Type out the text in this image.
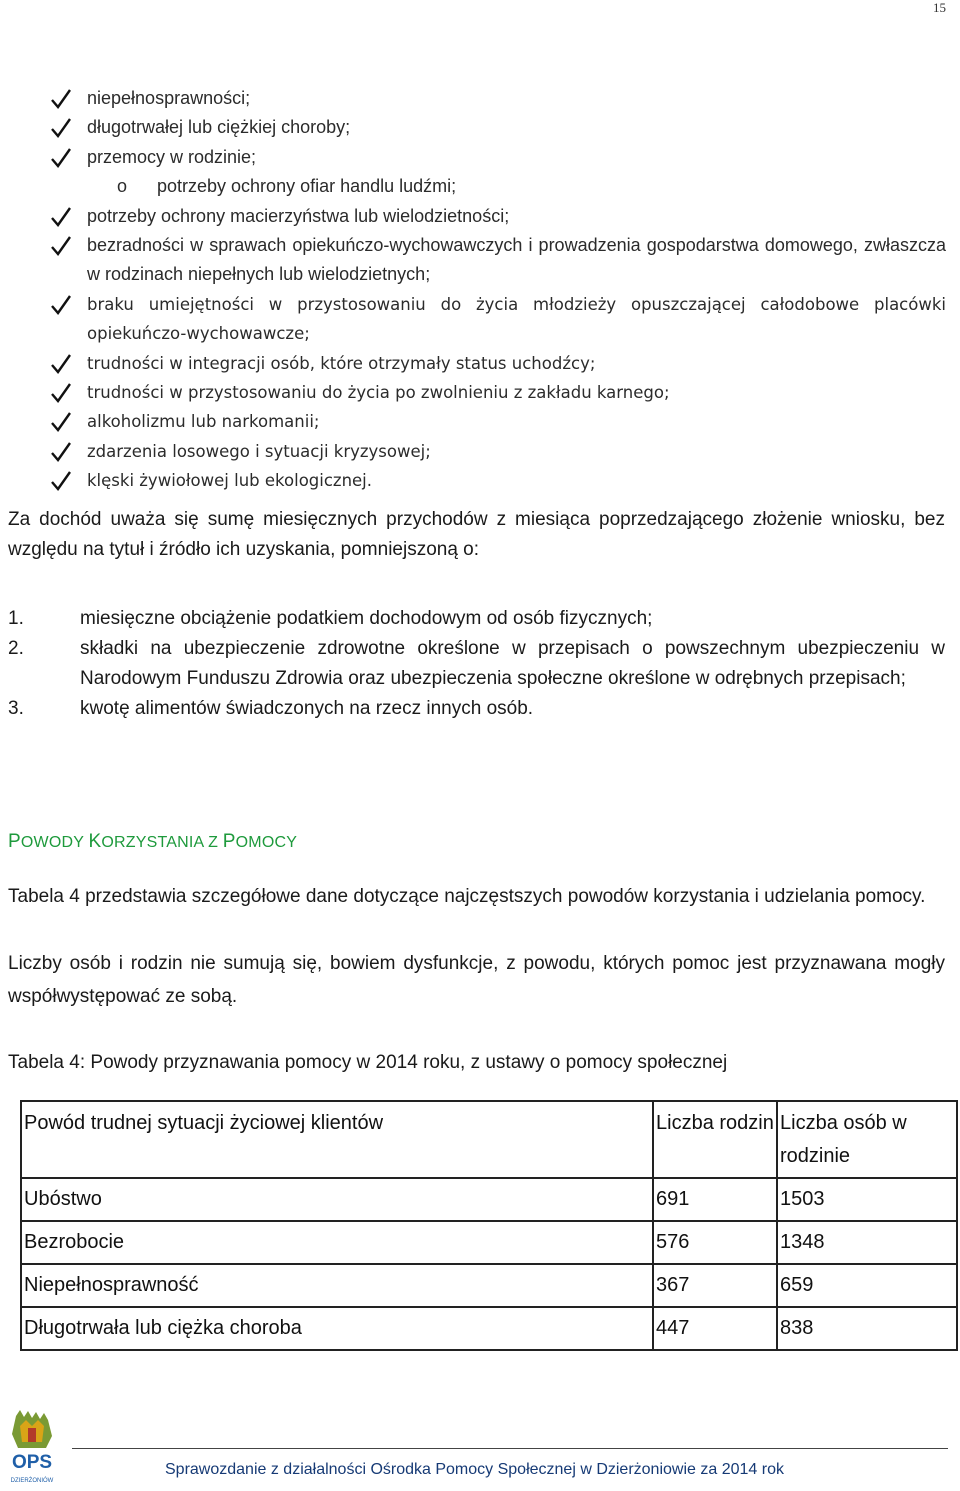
15
niepełnosprawności;
długotrwałej lub ciężkiej choroby;
przemocy w rodzinie;
o potrzeby ochrony ofiar handlu ludźmi;
potrzeby ochrony macierzyństwa lub wielodzietności;
bezradności w sprawach opiekuńczo-wychowawczych i prowadzenia gospodarstwa domowego, zwłaszcza w rodzinach niepełnych lub wielodzietnych;
braku umiejętności w przystosowaniu do życia młodzieży opuszczającej całodobowe placówki opiekuńczo-wychowawcze;
trudności w integracji osób, które otrzymały status uchodźcy;
trudności w przystosowaniu do życia po zwolnieniu z zakładu karnego;
alkoholizmu lub narkomanii;
zdarzenia losowego i sytuacji kryzysowej;
klęski żywiołowej lub ekologicznej.

Za dochód uważa się sumę miesięcznych przychodów z miesiąca poprzedzającego złożenie wniosku, bez względu na tytuł i źródło ich uzyskania, pomniejszoną o:

1.	miesięczne obciążenie podatkiem dochodowym od osób fizycznych;
2.	składki na ubezpieczenie zdrowotne określone w przepisach o powszechnym ubezpieczeniu w Narodowym Funduszu Zdrowia oraz ubezpieczenia społeczne określone w odrębnych przepisach;
3.	kwotę alimentów świadczonych na rzecz innych osób.
POWODY KORZYSTANIA Z POMOCY

Tabela 4 przedstawia szczegółowe dane dotyczące najczęstszych powodów korzystania i udzielania pomocy.

Liczby osób i rodzin nie sumują się, bowiem dysfunkcje, z powodu, których pomoc jest przyznawana mogły współwystępować ze sobą.

Tabela 4: Powody przyznawania pomocy w 2014 roku, z ustawy o pomocy społecznej
Powód trudnej sytuacji życiowej klientów	Liczba rodzin	Liczba osób w rodzinie
Ubóstwo	691	1503
Bezrobocie	576	1348
Niepełnosprawność	367	659
Długotrwała lub ciężka choroba	447	838
OPS
DZIERŻONIÓW
Sprawozdanie z działalności Ośrodka Pomocy Społecznej w Dzierżoniowie za 2014 rok
